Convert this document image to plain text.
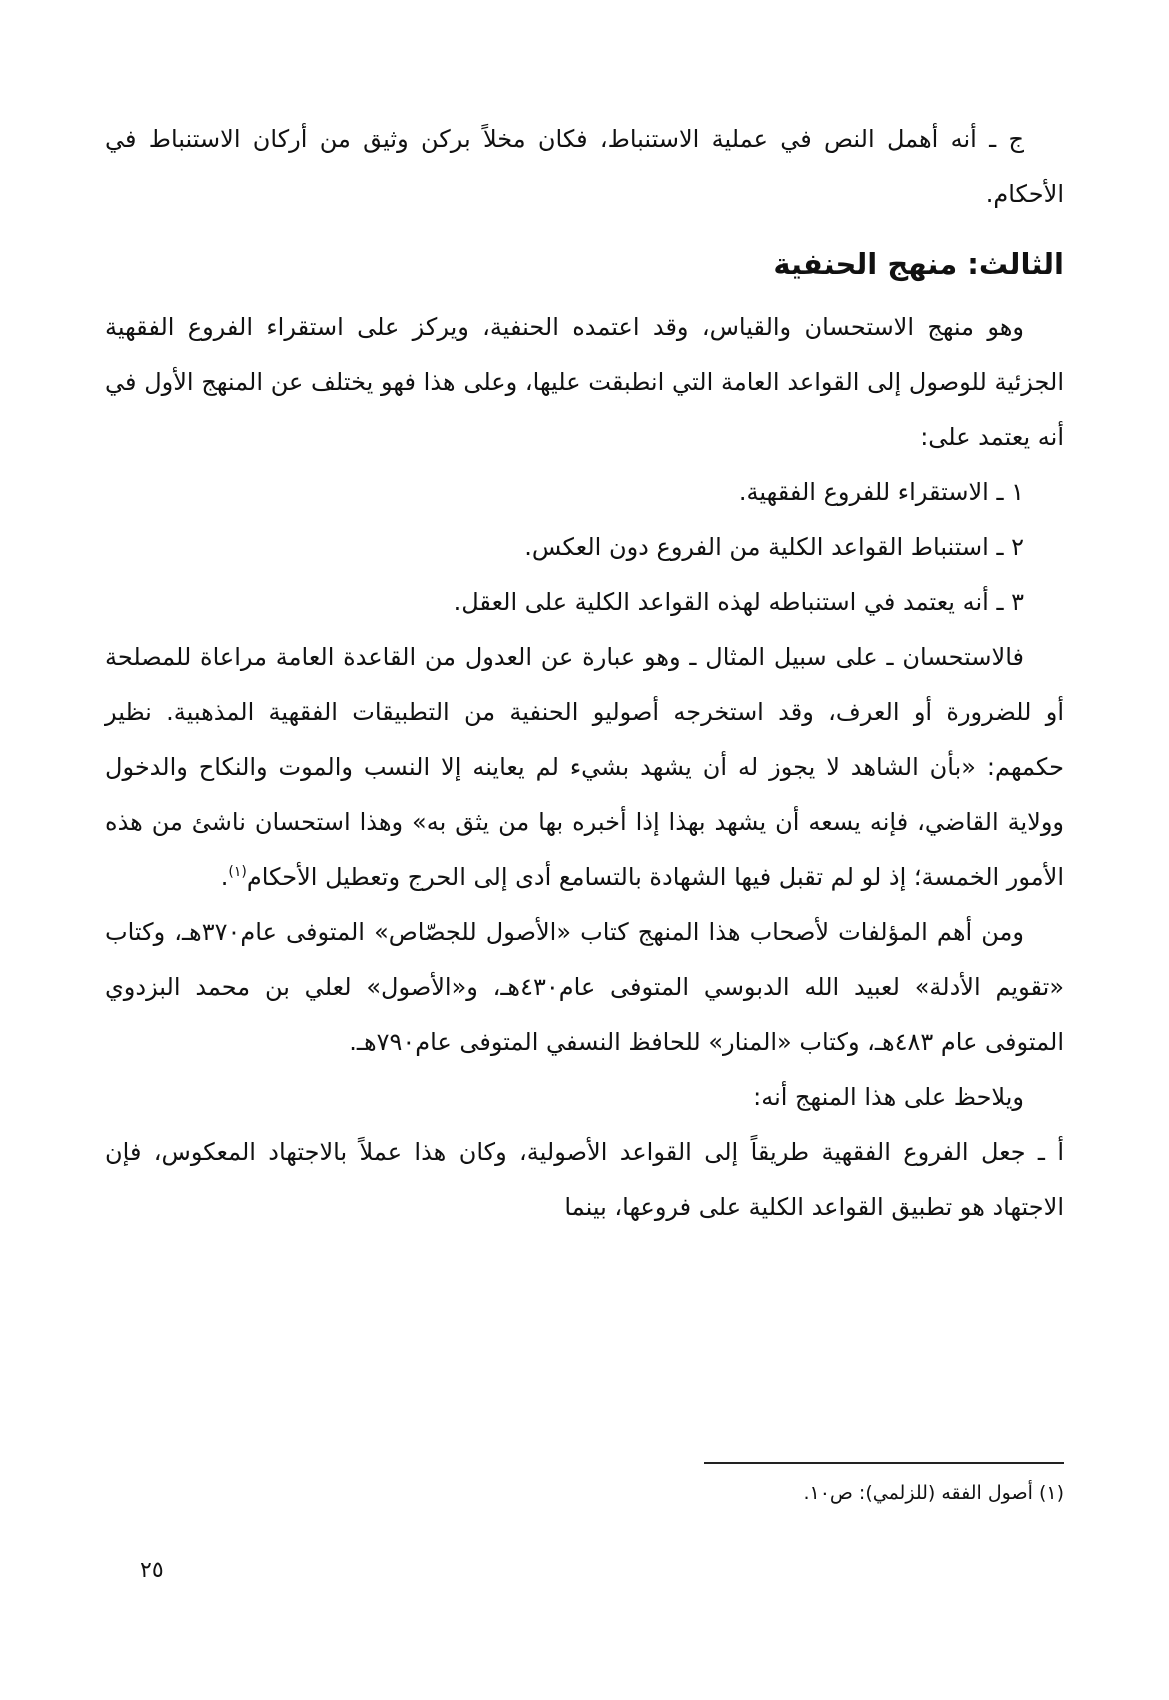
ج ـ أنه أهمل النص في عملية الاستنباط، فكان مخلاً بركن وثيق من أركان الاستنباط في الأحكام.

الثالث: منهج الحنفية

وهو منهج الاستحسان والقياس، وقد اعتمده الحنفية، ويركز على استقراء الفروع الفقهية الجزئية للوصول إلى القواعد العامة التي انطبقت عليها، وعلى هذا فهو يختلف عن المنهج الأول في أنه يعتمد على:

١ ـ الاستقراء للفروع الفقهية.

٢ ـ استنباط القواعد الكلية من الفروع دون العكس.

٣ ـ أنه يعتمد في استنباطه لهذه القواعد الكلية على العقل.

فالاستحسان ـ على سبيل المثال ـ وهو عبارة عن العدول من القاعدة العامة مراعاة للمصلحة أو للضرورة أو العرف، وقد استخرجه أصوليو الحنفية من التطبيقات الفقهية المذهبية. نظير حكمهم: «بأن الشاهد لا يجوز له أن يشهد بشيء لم يعاينه إلا النسب والموت والنكاح والدخول وولاية القاضي، فإنه يسعه أن يشهد بهذا إذا أخبره بها من يثق به» وهذا استحسان ناشئ من هذه الأمور الخمسة؛ إذ لو لم تقبل فيها الشهادة بالتسامع أدى إلى الحرج وتعطيل الأحكام$^{(١)}$.

ومن أهم المؤلفات لأصحاب هذا المنهج كتاب «الأصول للجصّاص» المتوفى عام٣٧٠هـ، وكتاب «تقويم الأدلة» لعبيد الله الدبوسي المتوفى عام٤٣٠هـ، و«الأصول» لعلي بن محمد البزدوي المتوفى عام ٤٨٣هـ، وكتاب «المنار» للحافظ النسفي المتوفى عام٧٩٠هـ.

ويلاحظ على هذا المنهج أنه:

أ ـ جعل الفروع الفقهية طريقاً إلى القواعد الأصولية، وكان هذا عملاً بالاجتهاد المعكوس، فإن الاجتهاد هو تطبيق القواعد الكلية على فروعها، بينما

(١) أصول الفقه (للزلمي): ص١٠.
٢٥
